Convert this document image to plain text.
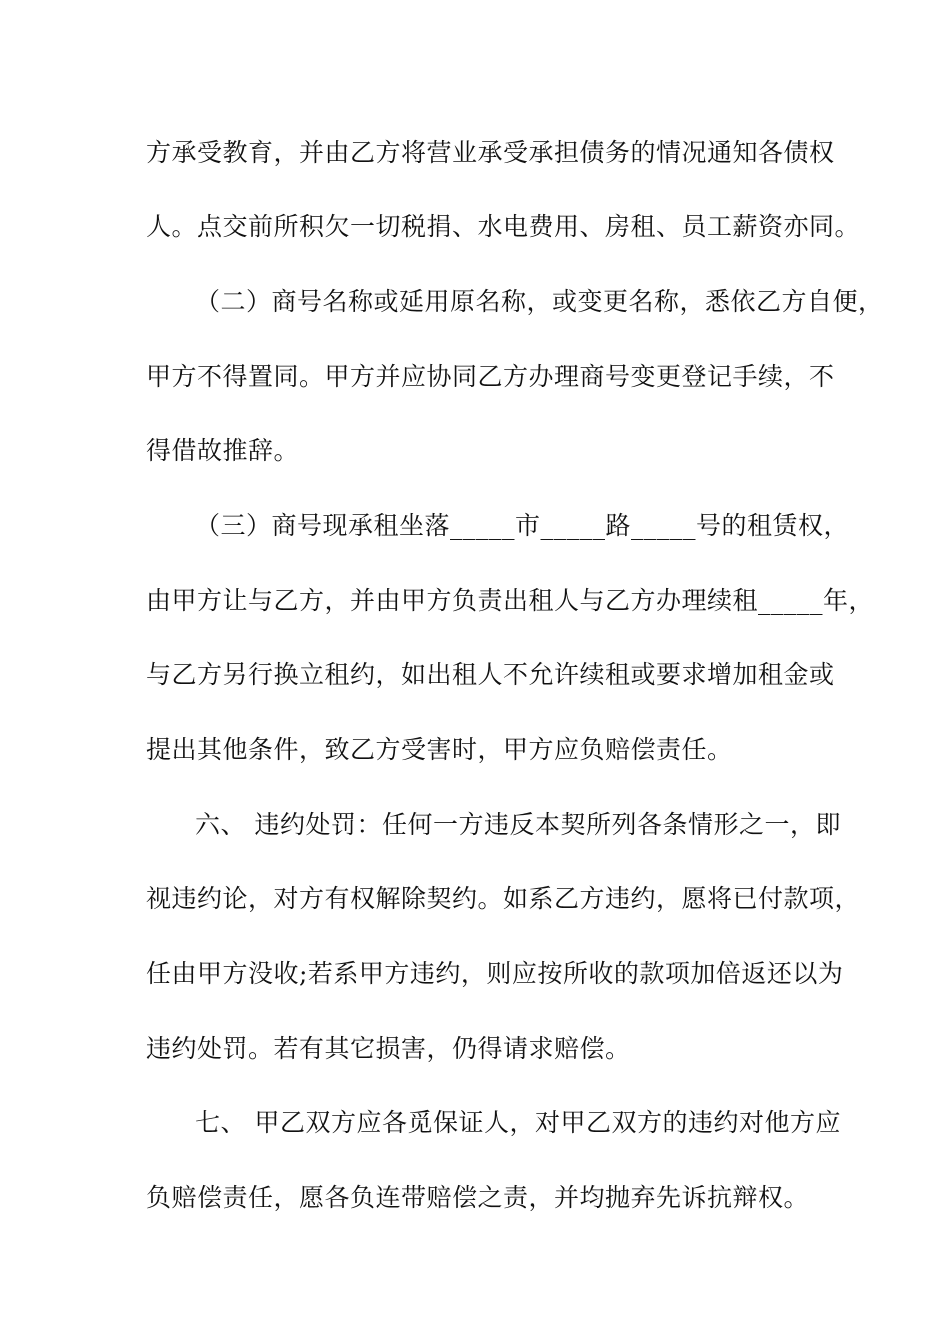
方承受教育，并由乙方将营业承受承担债务的情况通知各债权
人。点交前所积欠一切税捐、水电费用、房租、员工薪资亦同。
（二）商号名称或延用原名称，或变更名称，悉依乙方自便，
甲方不得置同。甲方并应协同乙方办理商号变更登记手续，不
得借故推辞。
（三）商号现承租坐落_____市_____路_____号的租赁权，
由甲方让与乙方，并由甲方负责出租人与乙方办理续租_____年，
与乙方另行换立租约，如出租人不允许续租或要求增加租金或
提出其他条件，致乙方受害时，甲方应负赔偿责任。
六、 违约处罚：任何一方违反本契所列各条情形之一，即
视违约论，对方有权解除契约。如系乙方违约，愿将已付款项，
任由甲方没收;若系甲方违约，则应按所收的款项加倍返还以为
违约处罚。若有其它损害，仍得请求赔偿。
七、 甲乙双方应各觅保证人，对甲乙双方的违约对他方应
负赔偿责任，愿各负连带赔偿之责，并均抛弃先诉抗辩权。
